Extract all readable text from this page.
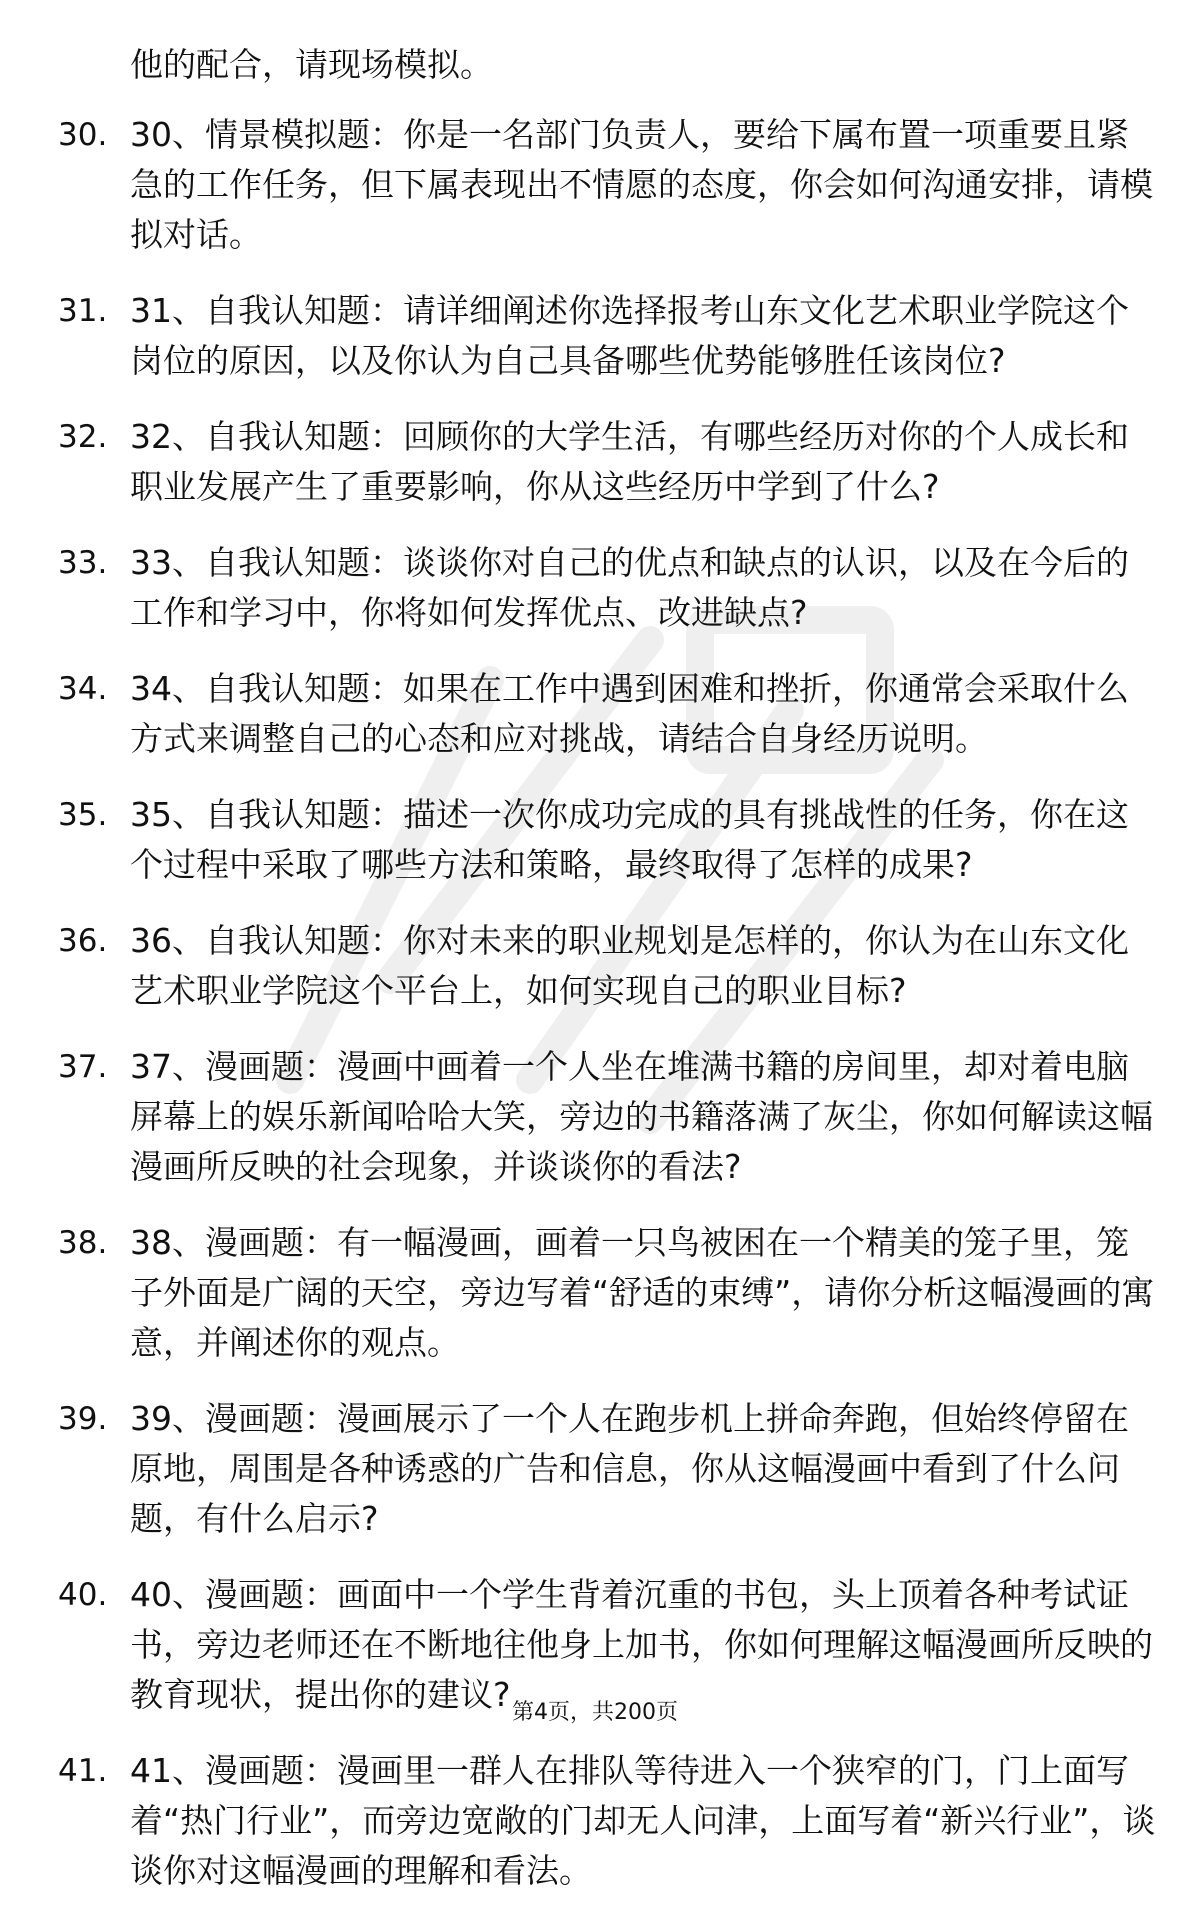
他的配合，请现场模拟。
30. 30、情景模拟题：你是一名部门负责人，要给下属布置一项重要且紧急的工作任务，但下属表现出不情愿的态度，你会如何沟通安排，请模拟对话。
31. 31、自我认知题：请详细阐述你选择报考山东文化艺术职业学院这个岗位的原因，以及你认为自己具备哪些优势能够胜任该岗位?
32. 32、自我认知题：回顾你的大学生活，有哪些经历对你的个人成长和职业发展产生了重要影响，你从这些经历中学到了什么?
33. 33、自我认知题：谈谈你对自己的优点和缺点的认识，以及在今后的工作和学习中，你将如何发挥优点、改进缺点?
34. 34、自我认知题：如果在工作中遇到困难和挫折，你通常会采取什么方式来调整自己的心态和应对挑战，请结合自身经历说明。
35. 35、自我认知题：描述一次你成功完成的具有挑战性的任务，你在这个过程中采取了哪些方法和策略，最终取得了怎样的成果?
36. 36、自我认知题：你对未来的职业规划是怎样的，你认为在山东文化艺术职业学院这个平台上，如何实现自己的职业目标?
37. 37、漫画题：漫画中画着一个人坐在堆满书籍的房间里，却对着电脑屏幕上的娱乐新闻哈哈大笑，旁边的书籍落满了灰尘，你如何解读这幅漫画所反映的社会现象，并谈谈你的看法?
38. 38、漫画题：有一幅漫画，画着一只鸟被困在一个精美的笼子里，笼子外面是广阔的天空，旁边写着“舒适的束缚”，请你分析这幅漫画的寓意，并阐述你的观点。
39. 39、漫画题：漫画展示了一个人在跑步机上拼命奔跑，但始终停留在原地，周围是各种诱惑的广告和信息，你从这幅漫画中看到了什么问题，有什么启示?
40. 40、漫画题：画面中一个学生背着沉重的书包，头上顶着各种考试证书，旁边老师还在不断地往他身上加书，你如何理解这幅漫画所反映的教育现状，提出你的建议?
41. 41、漫画题：漫画里一群人在排队等待进入一个狭窄的门，门上面写着“热门行业”，而旁边宽敞的门却无人问津，上面写着“新兴行业”，谈谈你对这幅漫画的理解和看法。
第4页，共200页
